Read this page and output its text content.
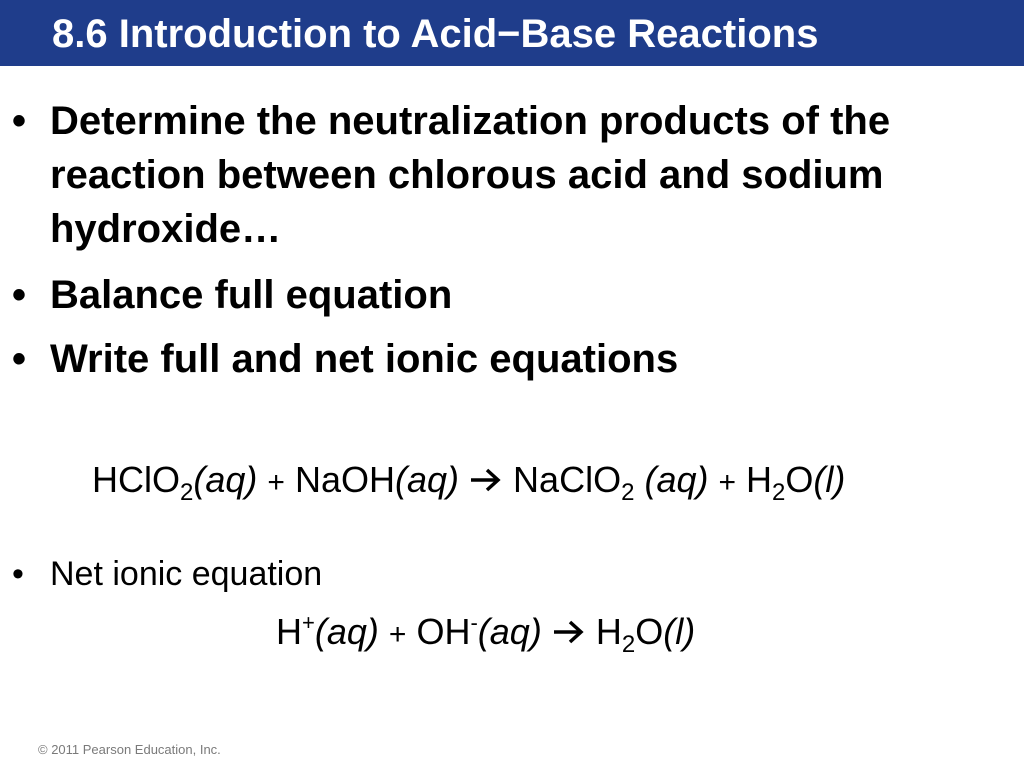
8.6 Introduction to Acid−Base Reactions
• Determine the neutralization products of the reaction between chlorous acid and sodium hydroxide…
• Balance full equation
• Write full and net ionic equations
HClO$_2$(aq) + NaOH(aq) → NaClO$_2$ $(aq) + H_2O(l)$
• Net ionic equation
$H^+(aq) + OH^-(aq) \to H_2O(l)$
© 2011 Pearson Education, Inc.
